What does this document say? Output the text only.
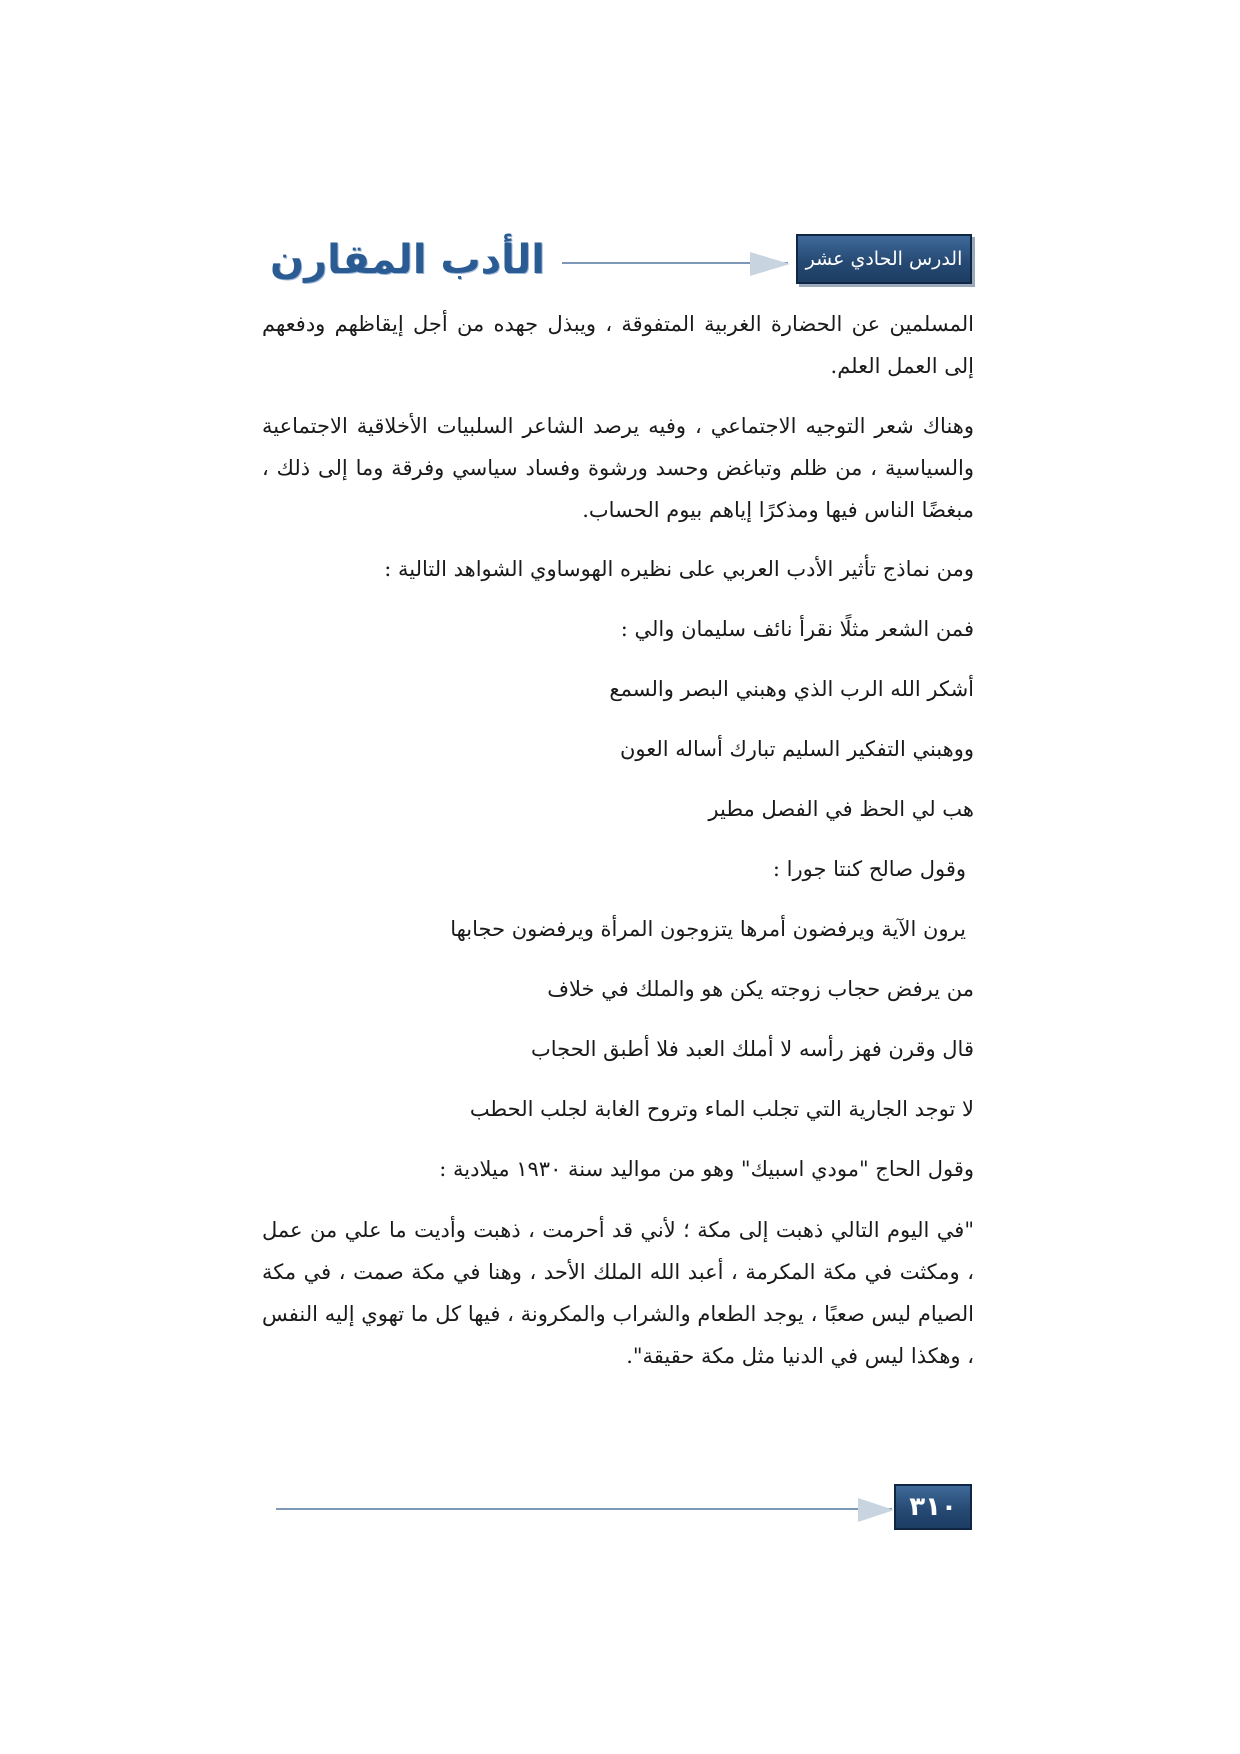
الأدب المقارن	الدرس الحادي عشر

المسلمين عن الحضارة الغربية المتفوقة ، ويبذل جهده من أجل إيقاظهم ودفعهم إلى العمل العلم.

وهناك شعر التوجيه الاجتماعي ، وفيه يرصد الشاعر السلبيات الأخلاقية الاجتماعية والسياسية ، من ظلم وتباغض وحسد ورشوة وفساد سياسي وفرقة وما إلى ذلك ، مبغضًا الناس فيها ومذكرًا إياهم بيوم الحساب.

ومن نماذج تأثير الأدب العربي على نظيره الهوساوي الشواهد التالية :
فمن الشعر مثلًا نقرأ نائف سليمان والي :
أشكر الله الرب الذي وهبني البصر والسمع
ووهبني التفكير السليم تبارك أساله العون
هب لي الحظ في الفصل مطير
وقول صالح كنتا جورا :
يرون الآية ويرفضون أمرها يتزوجون المرأة ويرفضون حجابها
من يرفض حجاب زوجته يكن هو والملك في خلاف
قال وقرن فهز رأسه لا أملك العبد فلا أطبق الحجاب
لا توجد الجارية التي تجلب الماء وتروح الغابة لجلب الحطب
وقول الحاج "مودي اسبيك" وهو من مواليد سنة ١٩٣٠ ميلادية :

"في اليوم التالي ذهبت إلى مكة ؛ لأني قد أحرمت ، ذهبت وأديت ما علي من عمل ، ومكثت في مكة المكرمة ، أعبد الله الملك الأحد ، وهنا في مكة صمت ، في مكة الصيام ليس صعبًا ، يوجد الطعام والشراب والمكرونة ، فيها كل ما تهوي إليه النفس ، وهكذا ليس في الدنيا مثل مكة حقيقة".

٣١٠
